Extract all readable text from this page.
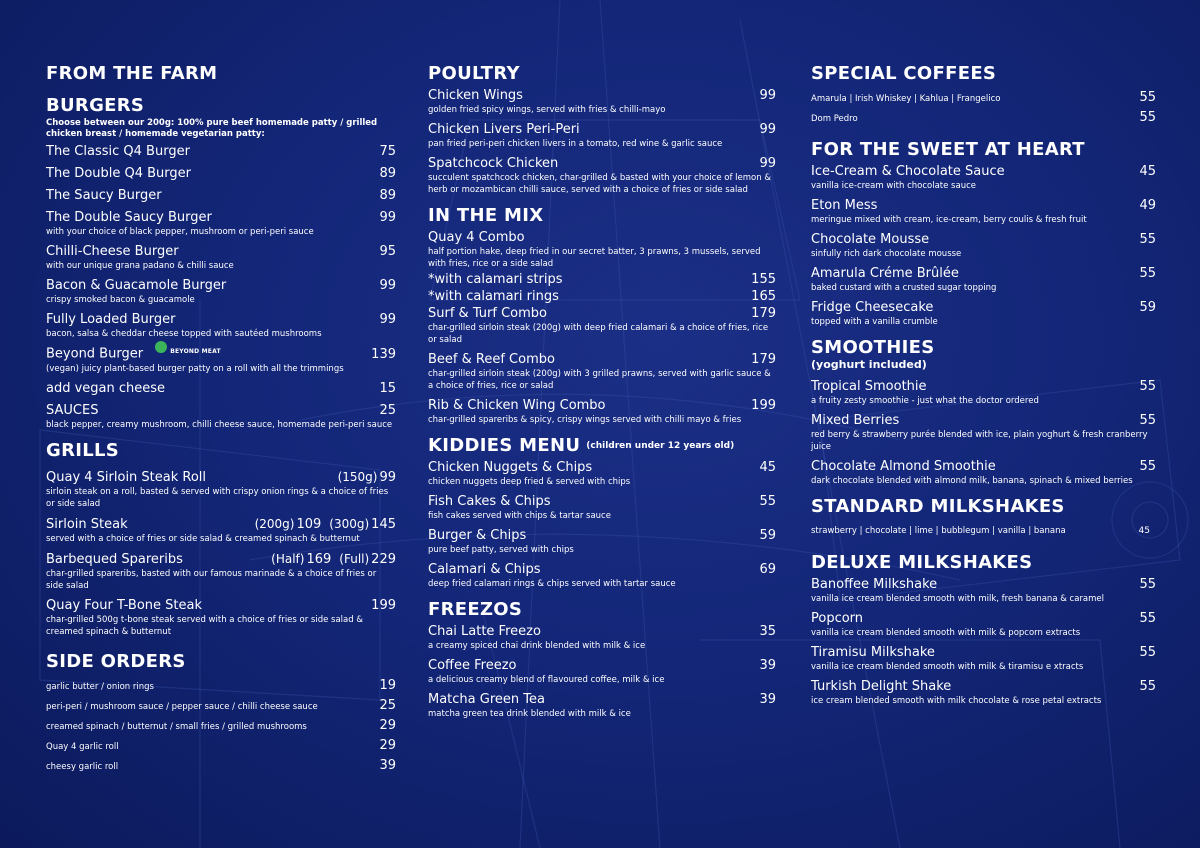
FROM THE FARM
BURGERS
Choose between our 200g: 100% pure beef homemade patty / grilled chicken breast / homemade vegetarian patty:
The Classic Q4 Burger	75
The Double Q4 Burger	89
The Saucy Burger	89
The Double Saucy Burger	99
with your choice of black pepper, mushroom or peri-peri sauce
Chilli-Cheese Burger	95
with our unique grana padano & chilli sauce
Bacon & Guacamole Burger	99
crispy smoked bacon & guacamole
Fully Loaded Burger	99
bacon, salsa & cheddar cheese topped with sautéed mushrooms
Beyond Burger	BEYOND MEAT	139
(vegan) juicy plant-based burger patty on a roll with all the trimmings
add vegan cheese	15
SAUCES	25
black pepper, creamy mushroom, chilli cheese sauce, homemade peri-peri sauce
GRILLS
Quay 4 Sirloin Steak Roll	(150g) 99
sirloin steak on a roll, basted & served with crispy onion rings & a choice of fries or side salad
Sirloin Steak	(200g) 109 (300g) 145
served with a choice of fries or side salad & creamed spinach & butternut
Barbequed Spareribs	(Half) 169 (Full) 229
char-grilled spareribs, basted with our famous marinade & a choice of fries or side salad
Quay Four T-Bone Steak	199
char-grilled 500g t-bone steak served with a choice of fries or side salad & creamed spinach & butternut
SIDE ORDERS
garlic butter / onion rings	19
peri-peri / mushroom sauce / pepper sauce / chilli cheese sauce	25
creamed spinach / butternut / small fries / grilled mushrooms	29
Quay 4 garlic roll	29
cheesy garlic roll	39
POULTRY
Chicken Wings	99
golden fried spicy wings, served with fries & chilli-mayo
Chicken Livers Peri-Peri	99
pan fried peri-peri chicken livers in a tomato, red wine & garlic sauce
Spatchcock Chicken	99
succulent spatchcock chicken, char-grilled & basted with your choice of lemon & herb or mozambican chilli sauce, served with a choice of fries or side salad
IN THE MIX
Quay 4 Combo
half portion hake, deep fried in our secret batter, 3 prawns, 3 mussels, served with fries, rice or a side salad
*with calamari strips	155
*with calamari rings	165
Surf & Turf Combo	179
char-grilled sirloin steak (200g) with deep fried calamari & a choice of fries, rice or salad
Beef & Reef Combo	179
char-grilled sirloin steak (200g) with 3 grilled prawns, served with garlic sauce & a choice of fries, rice or salad
Rib & Chicken Wing Combo	199
char-grilled spareribs & spicy, crispy wings served with chilli mayo & fries
KIDDIES MENU (children under 12 years old)
Chicken Nuggets & Chips	45
chicken nuggets deep fried & served with chips
Fish Cakes & Chips	55
fish cakes served with chips & tartar sauce
Burger & Chips	59
pure beef patty, served with chips
Calamari & Chips	69
deep fried calamari rings & chips served with tartar sauce
FREEZOS
Chai Latte Freezo	35
a creamy spiced chai drink blended with milk & ice
Coffee Freezo	39
a delicious creamy blend of flavoured coffee, milk & ice
Matcha Green Tea	39
matcha green tea drink blended with milk & ice
SPECIAL COFFEES
Amarula | Irish Whiskey | Kahlua | Frangelico	55
Dom Pedro	55
FOR THE SWEET AT HEART
Ice-Cream & Chocolate Sauce	45
vanilla ice-cream with chocolate sauce
Eton Mess	49
meringue mixed with cream, ice-cream, berry coulis & fresh fruit
Chocolate Mousse	55
sinfully rich dark chocolate mousse
Amarula Créme Brûlée	55
baked custard with a crusted sugar topping
Fridge Cheesecake	59
topped with a vanilla crumble
SMOOTHIES
(yoghurt included)
Tropical Smoothie	55
a fruity zesty smoothie - just what the doctor ordered
Mixed Berries	55
red berry & strawberry purée blended with ice, plain yoghurt & fresh cranberry juice
Chocolate Almond Smoothie	55
dark chocolate blended with almond milk, banana, spinach & mixed berries
STANDARD MILKSHAKES
strawberry | chocolate | lime | bubblegum | vanilla | banana	45
DELUXE MILKSHAKES
Banoffee Milkshake	55
vanilla ice cream blended smooth with milk, fresh banana & caramel
Popcorn	55
vanilla ice cream blended smooth with milk & popcorn extracts
Tiramisu Milkshake	55
vanilla ice cream blended smooth with milk & tiramisu e xtracts
Turkish Delight Shake	55
ice cream blended smooth with milk chocolate & rose petal extracts
